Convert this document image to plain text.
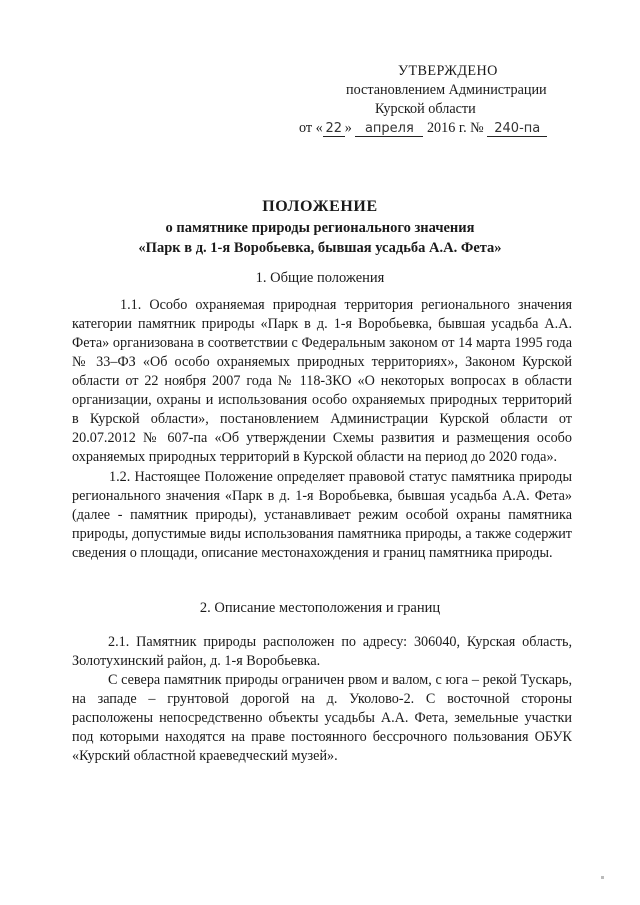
УТВЕРЖДЕНО
постановлением Администрации
Курской области
от « 22 » апреля 2016 г. № 240-па
ПОЛОЖЕНИЕ
о памятнике природы регионального значения
«Парк в д. 1-я Воробьевка, бывшая усадьба А.А. Фета»
1. Общие положения
1.1. Особо охраняемая природная территория регионального значения категории памятник природы «Парк в д. 1-я Воробьевка, бывшая усадьба А.А. Фета» организована в соответствии с Федеральным законом от 14 марта 1995 года № 33–ФЗ «Об особо охраняемых природных территориях», Законом Курской области от 22 ноября 2007 года № 118-ЗКО «О некоторых вопросах в области организации, охраны и использования особо охраняемых природных территорий в Курской области», постановлением Администрации Курской области от 20.07.2012 № 607-па «Об утверждении Схемы развития и размещения особо охраняемых природных территорий в Курской области на период до 2020 года».
1.2. Настоящее Положение определяет правовой статус памятника природы регионального значения «Парк в д. 1-я Воробьевка, бывшая усадьба А.А. Фета» (далее - памятник природы), устанавливает режим особой охраны памятника природы, допустимые виды использования памятника природы, а также содержит сведения о площади, описание местонахождения и границ памятника природы.
2. Описание местоположения и границ
2.1. Памятник природы расположен по адресу: 306040, Курская область, Золотухинский район, д. 1-я Воробьевка.
С севера памятник природы ограничен рвом и валом, с юга – рекой Тускарь, на западе – грунтовой дорогой на д. Уколово-2. С восточной стороны расположены непосредственно объекты усадьбы А.А. Фета, земельные участки под которыми находятся на праве постоянного бессрочного пользования ОБУК «Курский областной краеведческий музей».
